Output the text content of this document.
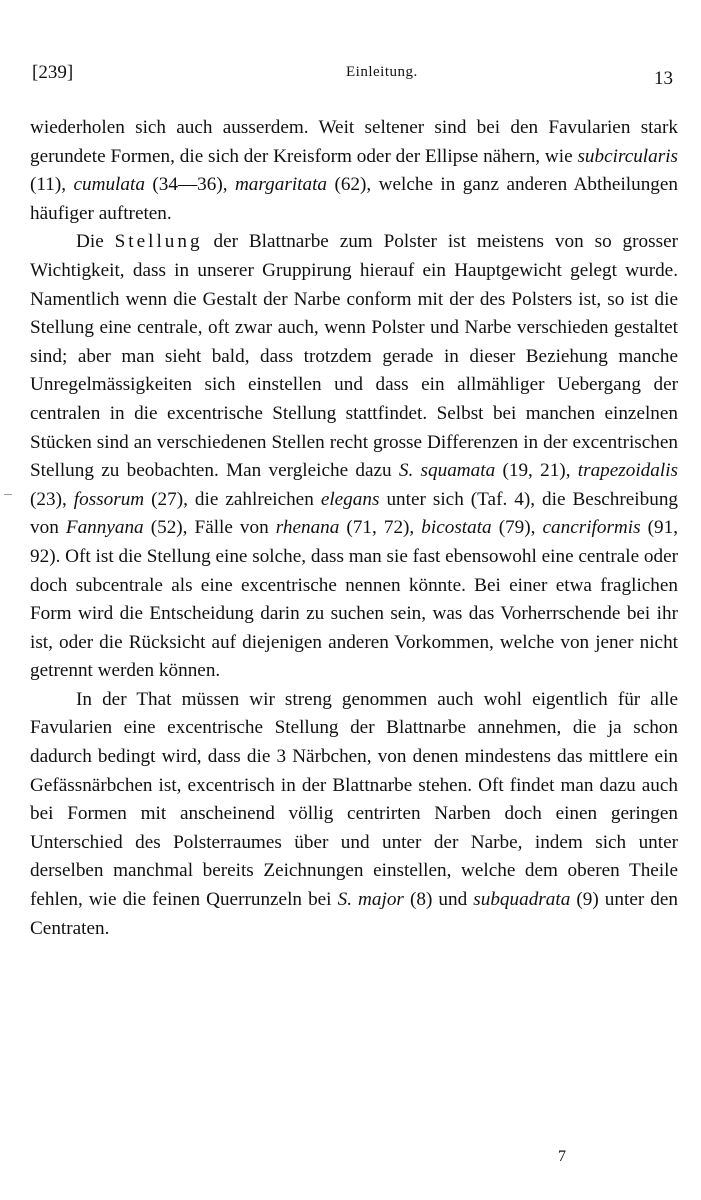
[239]	Einleitung.	13

wiederholen sich auch ausserdem. Weit seltener sind bei den Favularien stark gerundete Formen, die sich der Kreisform oder der Ellipse nähern, wie subcircularis (11), cumulata (34—36), margaritata (62), welche in ganz anderen Abtheilungen häufiger auftreten.

Die Stellung der Blattnarbe zum Polster ist meistens von so grosser Wichtigkeit, dass in unserer Gruppirung hierauf ein Hauptgewicht gelegt wurde. Namentlich wenn die Gestalt der Narbe conform mit der des Polsters ist, so ist die Stellung eine centrale, oft zwar auch, wenn Polster und Narbe verschieden gestaltet sind; aber man sieht bald, dass trotzdem gerade in dieser Beziehung manche Unregelmässigkeiten sich einstellen und dass ein allmähliger Uebergang der centralen in die excentrische Stellung stattfindet. Selbst bei manchen einzelnen Stücken sind an verschiedenen Stellen recht grosse Differenzen in der excentrischen Stellung zu beobachten. Man vergleiche dazu S. squamata (19, 21), trapezoidalis (23), fossorum (27), die zahlreichen elegans unter sich (Taf. 4), die Beschreibung von Fannyana (52), Fälle von rhenana (71, 72), bicostata (79), cancriformis (91, 92). Oft ist die Stellung eine solche, dass man sie fast ebensowohl eine centrale oder doch subcentrale als eine excentrische nennen könnte. Bei einer etwa fraglichen Form wird die Entscheidung darin zu suchen sein, was das Vorherrschende bei ihr ist, oder die Rücksicht auf diejenigen anderen Vorkommen, welche von jener nicht getrennt werden können.

In der That müssen wir streng genommen auch wohl eigentlich für alle Favularien eine excentrische Stellung der Blattnarbe annehmen, die ja schon dadurch bedingt wird, dass die 3 Närbchen, von denen mindestens das mittlere ein Gefässnärbchen ist, excentrisch in der Blattnarbe stehen. Oft findet man dazu auch bei Formen mit anscheinend völlig centrirten Narben doch einen geringen Unterschied des Polsterraumes über und unter der Narbe, indem sich unter derselben manchmal bereits Zeichnungen einstellen, welche dem oberen Theile fehlen, wie die feinen Querrunzeln bei S. major (8) und subquadrata (9) unter den Centraten.

7
